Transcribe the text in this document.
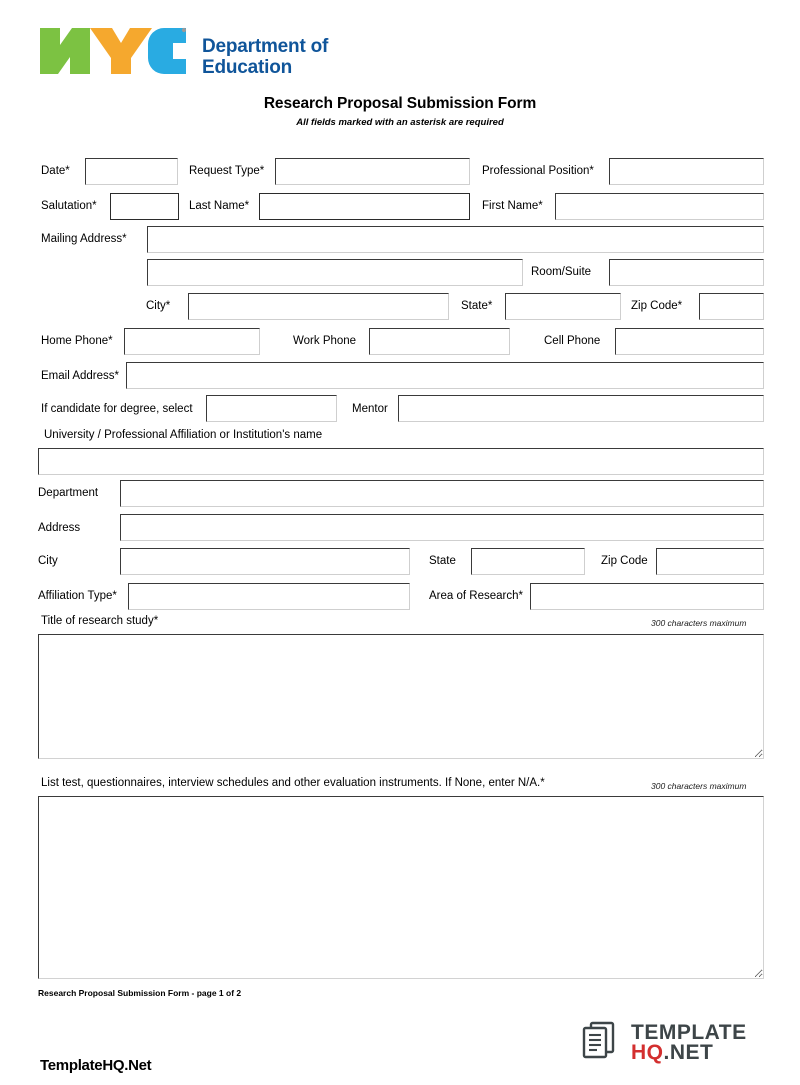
Department of
Education
Research Proposal Submission Form
All fields marked with an asterisk are required
Date*	Request Type*	Professional Position*
Salutation*	Last Name*	First Name*
Mailing Address*
Room/Suite
City*	State*	Zip Code*
Home Phone*	Work Phone	Cell Phone
Email Address*
If candidate for degree, select	Mentor
University / Professional Affiliation or Institution's name
Department
Address
City	State	Zip Code
Affiliation Type*	Area of Research*
Title of research study*	300 characters maximum
List test, questionnaires, interview schedules and other evaluation instruments. If None, enter N/A.*	300 characters maximum
Research Proposal Submission Form - page 1 of 2
TemplateHQ.Net
TEMPLATE
HQ.NET
